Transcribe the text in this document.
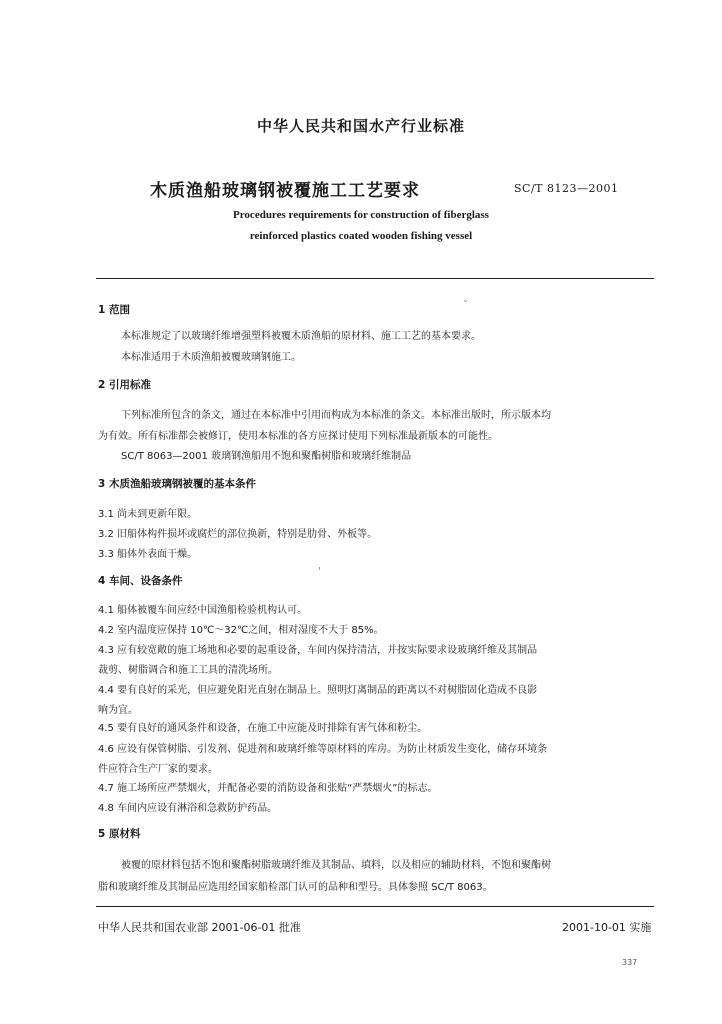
中华人民共和国水产行业标准
木质渔船玻璃钢被覆施工工艺要求	SC/T 8123—2001
Procedures requirements for construction of fiberglass
reinforced plastics coated wooden fishing vessel
ˇ
1 范围
本标准规定了以玻璃纤维增强塑料被覆木质渔船的原材料、施工工艺的基本要求。
本标准适用于木质渔船被覆玻璃钢施工。
2 引用标准
下列标准所包含的条文，通过在本标准中引用而构成为本标准的条文。本标准出版时，所示版本均
为有效。所有标准都会被修订，使用本标准的各方应探讨使用下列标准最新版本的可能性。
SC/T 8063—2001 玻璃钢渔船用不饱和聚酯树脂和玻璃纤维制品
3 木质渔船玻璃钢被覆的基本条件
3.1 尚未到更新年限。
3.2 旧船体构件损坏或腐烂的部位换新，特别是肋骨、外板等。
3.3 船体外表面干燥。
'
4 车间、设备条件
4.1 船体被覆车间应经中国渔船检验机构认可。
4.2 室内温度应保持 10℃～32℃之间，相对湿度不大于 85%。
4.3 应有较宽敞的施工场地和必要的起重设备，车间内保持清洁，并按实际要求设玻璃纤维及其制品
裁剪、树脂调合和施工工具的清洗场所。
4.4 要有良好的采光，但应避免阳光直射在制品上。照明灯离制品的距离以不对树脂固化造成不良影
响为宜。
4.5 要有良好的通风条件和设备，在施工中应能及时排除有害气体和粉尘。
4.6 应设有保管树脂、引发剂、促进剂和玻璃纤维等原材料的库房。为防止材质发生变化，储存环境条
件应符合生产厂家的要求。
4.7 施工场所应严禁烟火，并配备必要的消防设备和张贴“严禁烟火”的标志。
4.8 车间内应设有淋浴和急救防护药品。
5 原材料
被覆的原材料包括不饱和聚酯树脂玻璃纤维及其制品、填料，以及相应的辅助材料，不饱和聚酯树
脂和玻璃纤维及其制品应选用经国家船检部门认可的品种和型号。具体参照 SC/T 8063。
中华人民共和国农业部 2001-06-01 批准	2001-10-01 实施
337
